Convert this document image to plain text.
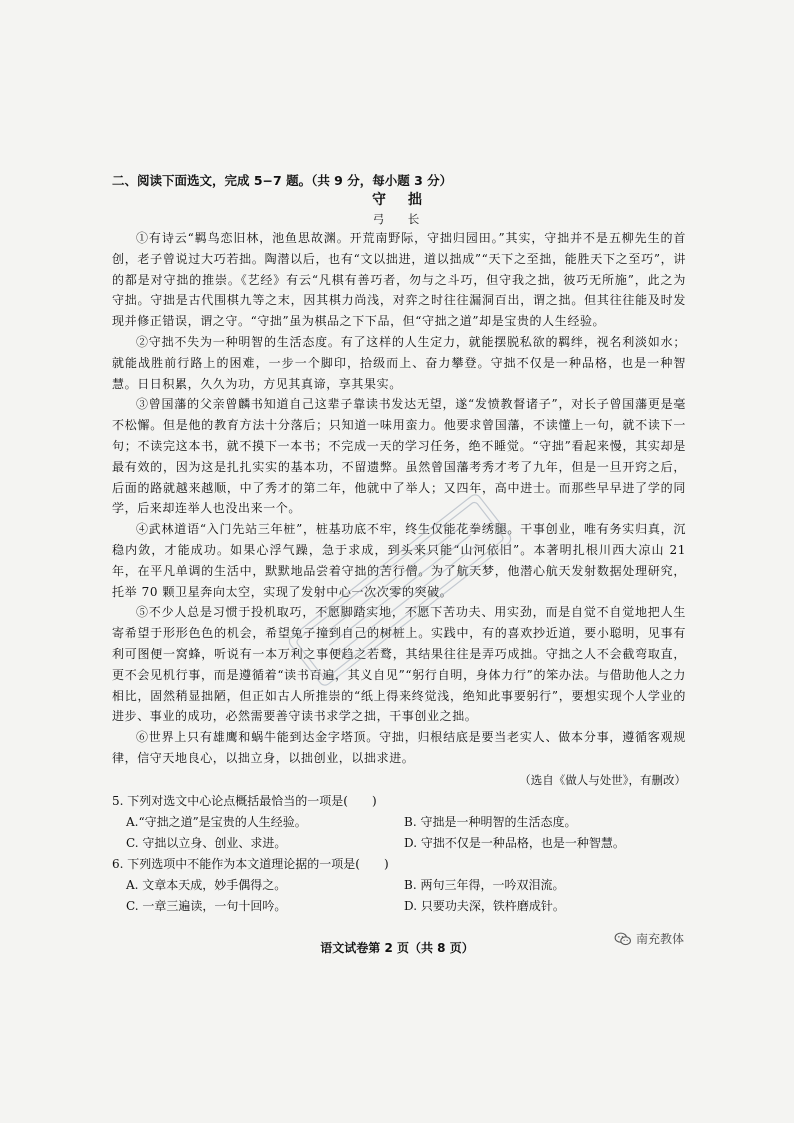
二、阅读下面选文，完成 5−7 题。（共 9 分，每小题 3 分）

守　拙

弓　长

①有诗云“羁鸟恋旧林，池鱼思故渊。开荒南野际，守拙归园田。”其实，守拙并不是五柳先生的首创，老子曾说过大巧若拙。陶潜以后，也有“文以拙进，道以拙成”“天下之至拙，能胜天下之至巧”，讲的都是对守拙的推崇。《艺经》有云“凡棋有善巧者，勿与之斗巧，但守我之拙，彼巧无所施”，此之为守拙。守拙是古代围棋九等之末，因其棋力尚浅，对弈之时往往漏洞百出，谓之拙。但其往往能及时发现并修正错误，谓之守。“守拙”虽为棋品之下下品，但“守拙之道”却是宝贵的人生经验。

②守拙不失为一种明智的生活态度。有了这样的人生定力，就能摆脱私欲的羁绊，视名利淡如水；就能战胜前行路上的困难，一步一个脚印，拾级而上、奋力攀登。守拙不仅是一种品格，也是一种智慧。日日积累，久久为功，方见其真谛，享其果实。

③曾国藩的父亲曾麟书知道自己这辈子靠读书发达无望，遂“发愤教督诸子”，对长子曾国藩更是毫不松懈。但是他的教育方法十分落后；只知道一味用蛮力。他要求曾国藩，不读懂上一句，就不读下一句；不读完这本书，就不摸下一本书；不完成一天的学习任务，绝不睡觉。“守拙”看起来慢，其实却是最有效的，因为这是扎扎实实的基本功，不留遗弊。虽然曾国藩考秀才考了九年，但是一旦开窍之后，后面的路就越来越顺，中了秀才的第二年，他就中了举人；又四年，高中进士。而那些早早进了学的同学，后来却连举人也没出来一个。

④武林道语“入门先站三年桩”，桩基功底不牢，终生仅能花拳绣腿。干事创业，唯有务实归真，沉稳内敛，才能成功。如果心浮气躁，急于求成，到头来只能“山河依旧”。本著明扎根川西大凉山 21 年，在平凡单调的生活中，默默地品尝着守拙的苦行僧。为了航天梦，他潜心航天发射数据处理研究，托举 70 颗卫星奔向太空，实现了发射中心一次次零的突破。

⑤不少人总是习惯于投机取巧，不愿脚踏实地，不愿下苦功夫、用实劲，而是自觉不自觉地把人生寄希望于形形色色的机会，希望兔子撞到自己的树桩上。实践中，有的喜欢抄近道，要小聪明，见事有利可图便一窝蜂，听说有一本万利之事便趋之若鹜，其结果往往是弄巧成拙。守拙之人不会截弯取直，更不会见机行事，而是遵循着“读书百遍，其义自见”“躬行自明，身体力行”的笨办法。与借助他人之力相比，固然稍显拙陋，但正如古人所推崇的“纸上得来终觉浅，绝知此事要躬行”，要想实现个人学业的进步、事业的成功，必然需要善守读书求学之拙，干事创业之拙。

⑥世界上只有雄鹰和蜗牛能到达金字塔顶。守拙，归根结底是要当老实人、做本分事，遵循客观规律，信守天地良心，以拙立身，以拙创业，以拙求进。

（选自《做人与处世》，有删改）

5. 下列对选文中心论点概括最恰当的一项是(　　)

A.“守拙之道”是宝贵的人生经验。	B. 守拙是一种明智的生活态度。
C. 守拙以立身、创业、求进。	D. 守拙不仅是一种品格，也是一种智慧。

6. 下列选项中不能作为本文道理论据的一项是(　　)

A. 文章本天成，妙手偶得之。	B. 两句三年得，一吟双泪流。
C. 一章三遍读，一句十回吟。	D. 只要功夫深，铁杵磨成针。
语文试卷第 2 页（共 8 页）
南充教体
